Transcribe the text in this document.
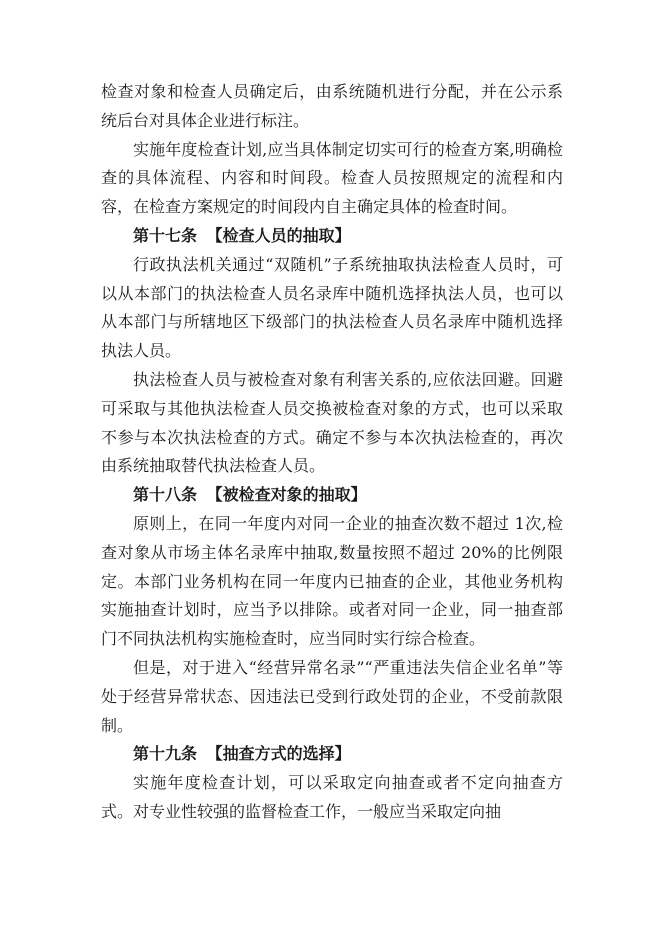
检查对象和检查人员确定后，由系统随机进行分配，并在公示系统后台对具体企业进行标注。

实施年度检查计划,应当具体制定切实可行的检查方案,明确检查的具体流程、内容和时间段。检查人员按照规定的流程和内容，在检查方案规定的时间段内自主确定具体的检查时间。

第十七条 【检查人员的抽取】

行政执法机关通过“双随机”子系统抽取执法检查人员时，可以从本部门的执法检查人员名录库中随机选择执法人员，也可以从本部门与所辖地区下级部门的执法检查人员名录库中随机选择执法人员。

执法检查人员与被检查对象有利害关系的,应依法回避。回避可采取与其他执法检查人员交换被检查对象的方式，也可以采取不参与本次执法检查的方式。确定不参与本次执法检查的，再次由系统抽取替代执法检查人员。

第十八条 【被检查对象的抽取】

原则上，在同一年度内对同一企业的抽查次数不超过 1次,检查对象从市场主体名录库中抽取,数量按照不超过 20%的比例限定。本部门业务机构在同一年度内已抽查的企业，其他业务机构实施抽查计划时，应当予以排除。或者对同一企业，同一抽查部门不同执法机构实施检查时，应当同时实行综合检查。

但是，对于进入“经营异常名录”“严重违法失信企业名单”等处于经营异常状态、因违法已受到行政处罚的企业，不受前款限制。

第十九条 【抽查方式的选择】

实施年度检查计划，可以采取定向抽查或者不定向抽查方式。对专业性较强的监督检查工作，一般应当采取定向抽
